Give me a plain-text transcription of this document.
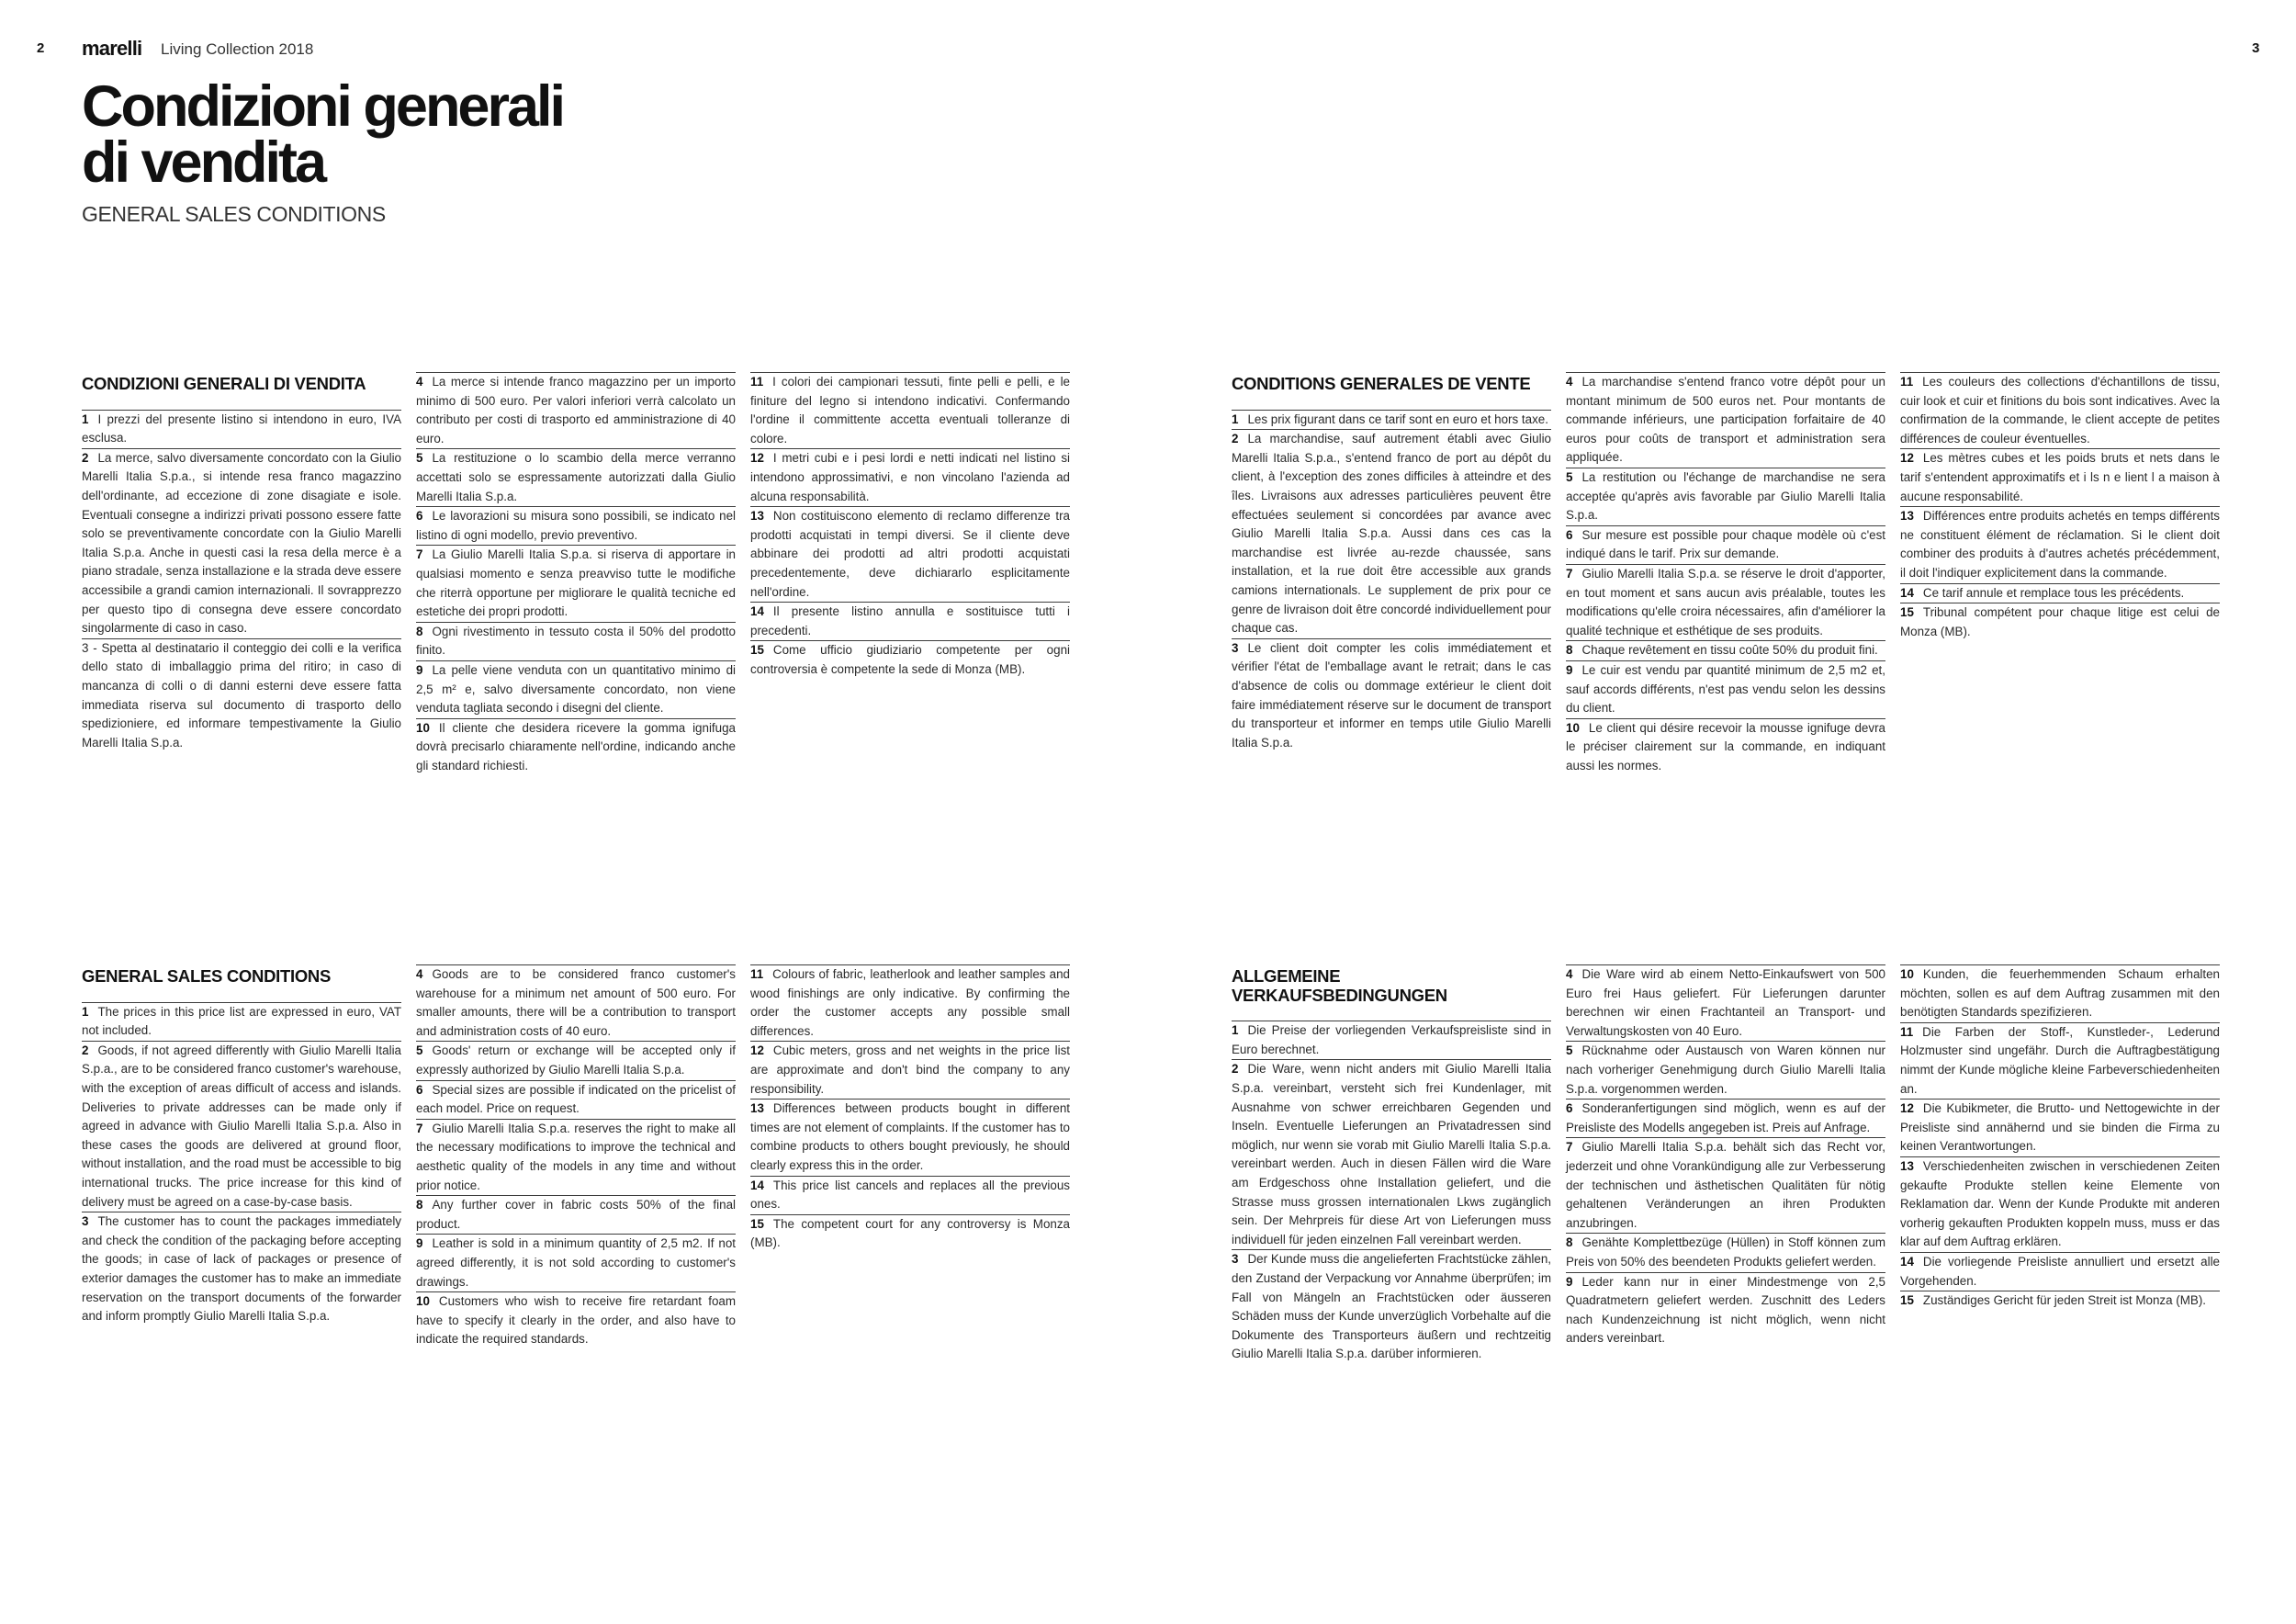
2 marelli Living Collection 2018	3
Condizioni generali
di vendita
GENERAL SALES CONDITIONS
CONDIZIONI GENERALI DI VENDITA

1 I prezzi del presente listino si intendono in euro, IVA esclusa.

2 La merce, salvo diversamente concordato con la Giulio Marelli Italia S.p.a., si intende resa franco magazzino dell'ordinante, ad eccezione di zone disagiate e isole. Eventuali consegne a indirizzi privati possono essere fatte solo se preventivamente concordate con la Giulio Marelli Italia S.p.a. Anche in questi casi la resa della merce è a piano stradale, senza installazione e la strada deve essere accessibile a grandi camion internazionali. Il sovrapprezzo per questo tipo di consegna deve essere concordato singolarmente di caso in caso.

3 - Spetta al destinatario il conteggio dei colli e la verifica dello stato di imballaggio prima del ritiro; in caso di mancanza di colli o di danni esterni deve essere fatta immediata riserva sul documento di trasporto dello spedizioniere, ed informare tempestivamente la Giulio Marelli Italia S.p.a.

4 La merce si intende franco magazzino per un importo minimo di 500 euro. Per valori inferiori verrà calcolato un contributo per costi di trasporto ed amministrazione di 40 euro.

5 La restituzione o lo scambio della merce verranno accettati solo se espressamente autorizzati dalla Giulio Marelli Italia S.p.a.

6 Le lavorazioni su misura sono possibili, se indicato nel listino di ogni modello, previo preventivo.

7 La Giulio Marelli Italia S.p.a. si riserva di apportare in qualsiasi momento e senza preavviso tutte le modifiche che riterrà opportune per migliorare le qualità tecniche ed estetiche dei propri prodotti.

8 Ogni rivestimento in tessuto costa il 50% del prodotto finito.

9 La pelle viene venduta con un quantitativo minimo di 2,5 m² e, salvo diversamente concordato, non viene venduta tagliata secondo i disegni del cliente.

10 Il cliente che desidera ricevere la gomma ignifuga dovrà precisarlo chiaramente nell'ordine, indicando anche gli standard richiesti.

11 I colori dei campionari tessuti, finte pelli e pelli, e le finiture del legno si intendono indicativi. Confermando l'ordine il committente accetta eventuali tolleranze di colore.

12 I metri cubi e i pesi lordi e netti indicati nel listino si intendono approssimativi, e non vincolano l'azienda ad alcuna responsabilità.

13 Non costituiscono elemento di reclamo differenze tra prodotti acquistati in tempi diversi. Se il cliente deve abbinare dei prodotti ad altri prodotti acquistati precedentemente, deve dichiararlo esplicitamente nell'ordine.

14 Il presente listino annulla e sostituisce tutti i precedenti.

15 Come ufficio giudiziario competente per ogni controversia è competente la sede di Monza (MB).

CONDITIONS GENERALES DE VENTE

1 Les prix figurant dans ce tarif sont en euro et hors taxe.

2 La marchandise, sauf autrement établi avec Giulio Marelli Italia S.p.a., s'entend franco de port au dépôt du client, à l'exception des zones difficiles à atteindre et des îles. Livraisons aux adresses particulières peuvent être effectuées seulement si concordées par avance avec Giulio Marelli Italia S.p.a. Aussi dans ces cas la marchandise est livrée au-rezde chaussée, sans installation, et la rue doit être accessible aux grands camions internationals. Le supplement de prix pour ce genre de livraison doit être concordé individuellement pour chaque cas.

3 Le client doit compter les colis immédiatement et vérifier l'état de l'emballage avant le retrait; dans le cas d'absence de colis ou dommage extérieur le client doit faire immédiatement réserve sur le document de transport du transporteur et informer en temps utile Giulio Marelli Italia S.p.a.

4 La marchandise s'entend franco votre dépôt pour un montant minimum de 500 euros net. Pour montants de commande inférieurs, une participation forfaitaire de 40 euros pour coûts de transport et administration sera appliquée.

5 La restitution ou l'échange de marchandise ne sera acceptée qu'après avis favorable par Giulio Marelli Italia S.p.a.

6 Sur mesure est possible pour chaque modèle où c'est indiqué dans le tarif. Prix sur demande.

7 Giulio Marelli Italia S.p.a. se réserve le droit d'apporter, en tout moment et sans aucun avis préalable, toutes les modifications qu'elle croira nécessaires, afin d'améliorer la qualité technique et esthétique de ses produits.

8 Chaque revêtement en tissu coûte 50% du produit fini.

9 Le cuir est vendu par quantité minimum de 2,5 m2 et, sauf accords différents, n'est pas vendu selon les dessins du client.

10 Le client qui désire recevoir la mousse ignifuge devra le préciser clairement sur la commande, en indiquant aussi les normes.

11 Les couleurs des collections d'échantillons de tissu, cuir look et cuir et finitions du bois sont indicatives. Avec la confirmation de la commande, le client accepte de petites différences de couleur éventuelles.

12 Les mètres cubes et les poids bruts et nets dans le tarif s'entendent approximatifs et i ls n e lient l a maison à aucune responsabilité.

13 Différences entre produits achetés en temps différents ne constituent élément de réclamation. Si le client doit combiner des produits à d'autres achetés précédemment, il doit l'indiquer explicitement dans la commande.

14 Ce tarif annule et remplace tous les précédents.

15 Tribunal compétent pour chaque litige est celui de Monza (MB).

GENERAL SALES CONDITIONS

1 The prices in this price list are expressed in euro, VAT not included.

2 Goods, if not agreed differently with Giulio Marelli Italia S.p.a., are to be considered franco customer's warehouse, with the exception of areas difficult of access and islands. Deliveries to private addresses can be made only if agreed in advance with Giulio Marelli Italia S.p.a. Also in these cases the goods are delivered at ground floor, without installation, and the road must be accessible to big international trucks. The price increase for this kind of delivery must be agreed on a case-by-case basis.

3 The customer has to count the packages immediately and check the condition of the packaging before accepting the goods; in case of lack of packages or presence of exterior damages the customer has to make an immediate reservation on the transport documents of the forwarder and inform promptly Giulio Marelli Italia S.p.a.

4 Goods are to be considered franco customer's warehouse for a minimum net amount of 500 euro. For smaller amounts, there will be a contribution to transport and administration costs of 40 euro.

5 Goods' return or exchange will be accepted only if expressly authorized by Giulio Marelli Italia S.p.a.

6 Special sizes are possible if indicated on the pricelist of each model. Price on request.

7 Giulio Marelli Italia S.p.a. reserves the right to make all the necessary modifications to improve the technical and aesthetic quality of the models in any time and without prior notice.

8 Any further cover in fabric costs 50% of the final product.

9 Leather is sold in a minimum quantity of 2,5 m2. If not agreed differently, it is not sold according to customer's drawings.

10 Customers who wish to receive fire retardant foam have to specify it clearly in the order, and also have to indicate the required standards.

11 Colours of fabric, leatherlook and leather samples and wood finishings are only indicative. By confirming the order the customer accepts any possible small differences.

12 Cubic meters, gross and net weights in the price list are approximate and don't bind the company to any responsibility.

13 Differences between products bought in different times are not element of complaints. If the customer has to combine products to others bought previously, he should clearly express this in the order.

14 This price list cancels and replaces all the previous ones.

15 The competent court for any controversy is Monza (MB).

ALLGEMEINE VERKAUFSBEDINGUNGEN

1 Die Preise der vorliegenden Verkaufspreisliste sind in Euro berechnet.

2 Die Ware, wenn nicht anders mit Giulio Marelli Italia S.p.a. vereinbart, versteht sich frei Kundenlager, mit Ausnahme von schwer erreichbaren Gegenden und Inseln. Eventuelle Lieferungen an Privatadressen sind möglich, nur wenn sie vorab mit Giulio Marelli Italia S.p.a. vereinbart werden. Auch in diesen Fällen wird die Ware am Erdgeschoss ohne Installation geliefert, und die Strasse muss grossen internationalen Lkws zugänglich sein. Der Mehrpreis für diese Art von Lieferungen muss individuell für jeden einzelnen Fall vereinbart werden.

3 Der Kunde muss die angelieferten Frachtstücke zählen, den Zustand der Verpackung vor Annahme überprüfen; im Fall von Mängeln an Frachtstücken oder äusseren Schäden muss der Kunde unverzüglich Vorbehalte auf die Dokumente des Transporteurs äußern und rechtzeitig Giulio Marelli Italia S.p.a. darüber informieren.

4 Die Ware wird ab einem Netto-Einkaufswert von 500 Euro frei Haus geliefert. Für Lieferungen darunter berechnen wir einen Frachtanteil an Transport- und Verwaltungskosten von 40 Euro.

5 Rücknahme oder Austausch von Waren können nur nach vorheriger Genehmigung durch Giulio Marelli Italia S.p.a. vorgenommen werden.

6 Sonderanfertigungen sind möglich, wenn es auf der Preisliste des Modells angegeben ist. Preis auf Anfrage.

7 Giulio Marelli Italia S.p.a. behält sich das Recht vor, jederzeit und ohne Vorankündigung alle zur Verbesserung der technischen und ästhetischen Qualitäten für nötig gehaltenen Veränderungen an ihren Produkten anzubringen.

8 Genähte Komplettbezüge (Hüllen) in Stoff können zum Preis von 50% des beendeten Produkts geliefert werden.

9 Leder kann nur in einer Mindestmenge von 2,5 Quadratmetern geliefert werden. Zuschnitt des Leders nach Kundenzeichnung ist nicht möglich, wenn nicht anders vereinbart.

10 Kunden, die feuerhemmenden Schaum erhalten möchten, sollen es auf dem Auftrag zusammen mit den benötigten Standards spezifizieren.

11 Die Farben der Stoff-, Kunstleder-, Lederund Holzmuster sind ungefähr. Durch die Auftragbestätigung nimmt der Kunde mögliche kleine Farbeverschiedenheiten an.

12 Die Kubikmeter, die Brutto- und Nettogewichte in der Preisliste sind annähernd und sie binden die Firma zu keinen Verantwortungen.

13 Verschiedenheiten zwischen in verschiedenen Zeiten gekaufte Produkte stellen keine Elemente von Reklamation dar. Wenn der Kunde Produkte mit anderen vorherig gekauften Produkten koppeln muss, muss er das klar auf dem Auftrag erklären.

14 Die vorliegende Preisliste annulliert und ersetzt alle Vorgehenden.

15 Zuständiges Gericht für jeden Streit ist Monza (MB).
